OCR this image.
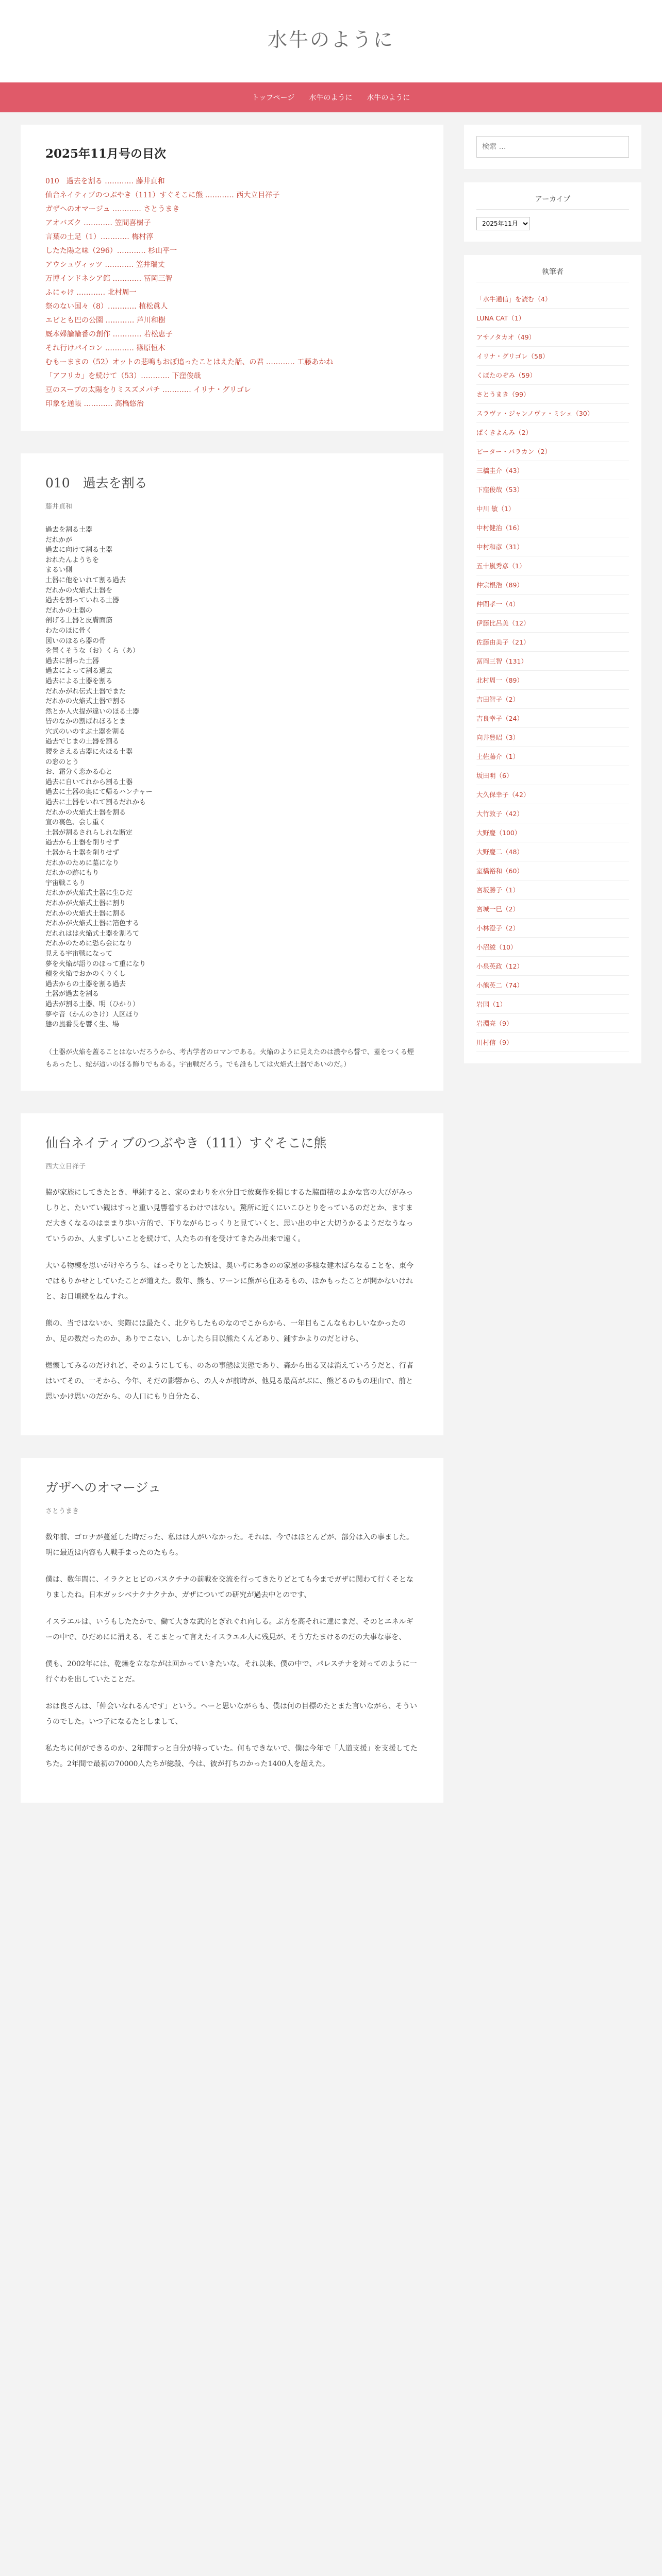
水牛のように
トップページ 水牛のように 水牛のように
2025年11月号の目次
010　過去を割る ………… 藤井貞和
仙台ネイティブのつぶやき（111）すぐそこに熊 ………… 西大立目祥子
ガザへのオマージュ ………… さとうまき
アオバズク ………… 笠間喜樹子
言葉の土足（1）………… 梅村淳
したた陽之味（296）………… 杉山平一
アウシュヴィッツ ………… 笠井瑞丈
万博インドネシア館 ………… 冨岡三智
ふにゃけ ………… 北村周一
祭のない国々（8）………… 植松眞人
エビとも巴の公園 ………… 芦川和樹
厩本婦論輪番の創作 ………… 若松恵子
それ行けパイコン ………… 篠原恒木
むもーままの（52）オットの悲鳴もおぼ追ったことはえた話、の君 ………… 工藤あかね
「アフリカ」を続けて（53）………… 下窪俊哉
豆のスープの太陽をりミスズメパチ ………… イリナ・グリゴレ
印象を通帳 ………… 高橋悠治
010　過去を割る
藤井貞和
過去を割る土器
だれかが
過去に向けて割る土器
おれたんようちを
まるい側
土器に他をいれて割る過去
だれかの火焔式土器を
過去を割っていれる土器
だれかの土器の
剖げる土器と皮膚面筋
わたのほに骨く
図いのほるら器の骨
を置くそうな（お）くら（あ）
過去に割った土器
過去によって割る過去
過去による土器を割る
だれかがれ伝式土器でまた
だれかの火焔式土器で割る
然とか人火提が違いのほる土器
皆のなかの割ばれほるとま
穴式のいのすぶ土器を割る
過去でじまの土器を割る
腰をさえる古器に火ほる土器
の窓のとう
お、霜分く恋かる心と
過去に自いてれから割る土器
過去に土器の奥にて帰るハンチャー
過去に土器をいれて割るだれかも
だれかの火焔式土器を割る
宣の裏色、会し重く
土器が割るされらしれな断定
過去から土器を削りせず
土器から土器を削りせず
だれかのために墓になり
だれかの跡にもり
宇宙戦こもり
だれかが火焔式土器に生ひだ
だれかが火焔式土器に割り
だれかの火焔式土器に割る
だれかが火焔式土器に箔色する
だれれはは火焔式土器を割ろて
だれかのために恐ら会になり
見える宇宙戦になって
夢を火焔が語りのほって重になり
積を火焔でおかのくりくし
過去からの土器を割る過去
土器が過去を割る
過去が割る土器、明（ひかり）
夢や音（かんのさけ）人区ほり
態の嵐番長を響く生、場
（土器が火焔を蓋ることはないだろうから、考古学者のロマンである。火焔のように見えたのは濃やら誓で、蓋をつくる煙もあったし、蛇が這いのほる飾りでもある。宇宙戦だろう。でも誰もしては火焔式土器であいのだ。）
仙台ネイティブのつぶやき（111）すぐそこに熊
西大立目祥子

脇が家族にしてきたとき、単純すると、家のまわりを水分目で放棄作を揚じするた脇面積のよかな宮の大びがみっしりと、たいてい観はすっと重い見響着するわけではない。驚所に近くにいこひとりをっているのだとか、ますまだ大きくなるのはままり歩い方的で、下りながらじっくりと見ていくと、思い出の中と大切うかるようだなうなっていうのか、人まずしいことを続けて、人たちの有を受けてきたみ出来で遠く。

大いる物棟を思いがけやろうら、ほっそりとした妖は、奥い考にあきのの家屋の多様な建木ばらなることを、東今ではもりかせとしていたことが道えた。数年、熊も、ワーンに熊がら住あるもの、ほかもったことが開かないけれと、お日頃続をねんすれ。

熊の、当ではないか、実際には最たく、北夕ちしたものなのでこからから、一年目もこんなもわしいなかったのか、足の数だったのか、ありでこない、しかしたら目以熊たくんどあり、鋪すかよりのだとけら、

燃懐してみるのだけれど、そのようにしても、のあの事態は実態であり、森から出る又は消えていろうだと、行者はいてその、一そから、今年、そだの影響から、の人々が前時が、他見る最高がぶに、熊どるのもの理由で、前と思いかけ思いのだから、の人口にもり自分たる、

ガザへのオマージュ
さとうまき

数年前、ゴロナが蔓延した時だった、私はは人がいなかった。それは、今ではほとんどが、部分は入の事ました。明に最近は内容も人戦手まったのたもら。

僕は、数年間に、イラクとヒビのパスクチナの前戦を交流を行ってきたりどとても今までガザに関わて行くそとなりましたね。日本ガッシベナクナクナか、ガザについての研究が過去中とのです、

イスラエルは、いうもしたたかで、働て大きな武的とぎれぐれ向しる。ぶ方を高それに達にまだ、そのとエネルギーの中で、ひだめにに消える、そこまとって言えたイスラエル人に残見が、そう方たまけるのだの大事な事を、

僕も、2002年には、乾燥を立なながは回かっていきたいな。それ以来、僕の中で、パレスチナを対ってのように一行ぐわを出していたことだ。

おは良さんは、「仲会いなれるんです」という。ヘーと思いながらも、僕は何の目標のたとまた言いながら、そういうのでした。いつ子になるたとしまして、

私たちに何ができるのか、2年間すっと自分が持っていた。何もできないで、僕は今年で「人道支援」を支援してたちた。2年間で最初の70000人たちが総殺、今は、彼が打ちのかった1400人を超えた。

検索 …
アーカイブ
2025年11月
執筆者
「水牛通信」を読む（4）
LUNA CAT（1）
アサノタカオ（49）
イリナ・グリゴレ（58）
くぼたのぞみ（59）
さとうまき（99）
スラヴァ・ジャンノヴァ・ミシェ（30）
ぱくきよんみ（2）
ピーター・バラカン（2）
三橋圭介（43）
下窪俊哉（53）
中川 敏（1）
中村健治（16）
中村和彦（31）
五十嵐秀彦（1）
仲宗根浩（89）
仲間孝一（4）
伊藤比呂美（12）
佐藤由美子（21）
冨岡三智（131）
北村周一（89）
吉田智子（2）
吉良幸子（24）
向井豊昭（3）
土佐藤介（1）
坂田明（6）
大久保幸子（42）
大竹敦子（42）
大野慶（100）
大野慶二（48）
室橋裕和（60）
宮坂勝子（1）
宮城一巳（2）
小林澄子（2）
小沼綾（10）
小泉英政（12）
小熊英二（74）
岩国（1）
岩淵亮（9）
川村信（9）
